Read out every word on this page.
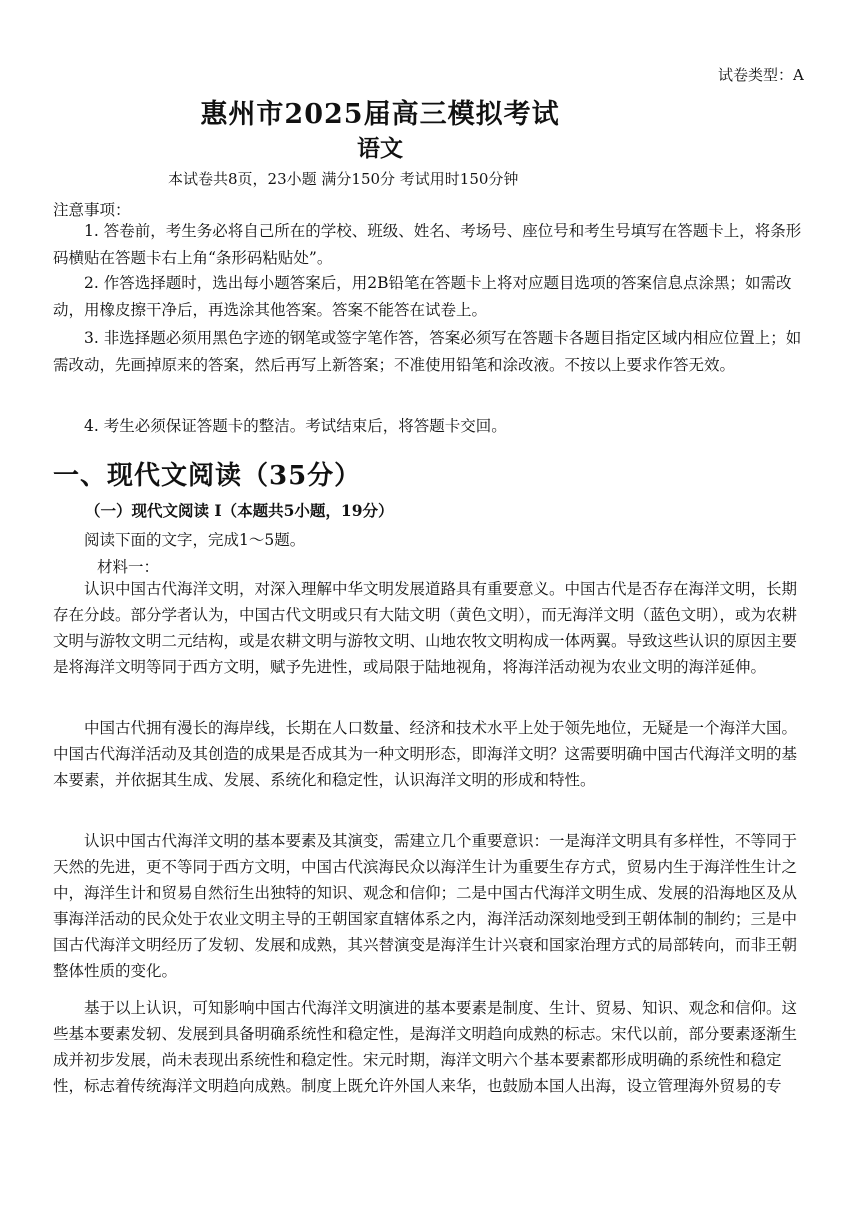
试卷类型：A
惠州市2025届高三模拟考试
语文
本试卷共8页，23小题 满分150分 考试用时150分钟
注意事项：
1. 答卷前，考生务必将自己所在的学校、班级、姓名、考场号、座位号和考生号填写在答题卡上，将条形码横贴在答题卡右上角“条形码粘贴处”。
2. 作答选择题时，选出每小题答案后，用2B铅笔在答题卡上将对应题目选项的答案信息点涂黑；如需改动，用橡皮擦干净后，再选涂其他答案。答案不能答在试卷上。
3. 非选择题必须用黑色字迹的钢笔或签字笔作答，答案必须写在答题卡各题目指定区域内相应位置上；如需改动，先画掉原来的答案，然后再写上新答案；不准使用铅笔和涂改液。不按以上要求作答无效。
4. 考生必须保证答题卡的整洁。考试结束后，将答题卡交回。
一、现代文阅读（35分）
（一）现代文阅读 I（本题共5小题，19分）
阅读下面的文字，完成1～5题。
材料一：
认识中国古代海洋文明，对深入理解中华文明发展道路具有重要意义。中国古代是否存在海洋文明，长期存在分歧。部分学者认为，中国古代文明或只有大陆文明（黄色文明），而无海洋文明（蓝色文明），或为农耕文明与游牧文明二元结构，或是农耕文明与游牧文明、山地农牧文明构成一体两翼。导致这些认识的原因主要是将海洋文明等同于西方文明，赋予先进性，或局限于陆地视角，将海洋活动视为农业文明的海洋延伸。
中国古代拥有漫长的海岸线，长期在人口数量、经济和技术水平上处于领先地位，无疑是一个海洋大国。中国古代海洋活动及其创造的成果是否成其为一种文明形态，即海洋文明？这需要明确中国古代海洋文明的基本要素，并依据其生成、发展、系统化和稳定性，认识海洋文明的形成和特性。
认识中国古代海洋文明的基本要素及其演变，需建立几个重要意识：一是海洋文明具有多样性，不等同于天然的先进，更不等同于西方文明，中国古代滨海民众以海洋生计为重要生存方式，贸易内生于海洋性生计之中，海洋生计和贸易自然衍生出独特的知识、观念和信仰；二是中国古代海洋文明生成、发展的沿海地区及从事海洋活动的民众处于农业文明主导的王朝国家直辖体系之内，海洋活动深刻地受到王朝体制的制约；三是中国古代海洋文明经历了发轫、发展和成熟，其兴替演变是海洋生计兴衰和国家治理方式的局部转向，而非王朝整体性质的变化。
基于以上认识，可知影响中国古代海洋文明演进的基本要素是制度、生计、贸易、知识、观念和信仰。这些基本要素发轫、发展到具备明确系统性和稳定性，是海洋文明趋向成熟的标志。宋代以前，部分要素逐渐生成并初步发展，尚未表现出系统性和稳定性。宋元时期，海洋文明六个基本要素都形成明确的系统性和稳定性，标志着传统海洋文明趋向成熟。制度上既允许外国人来华，也鼓励本国人出海，设立管理海外贸易的专
